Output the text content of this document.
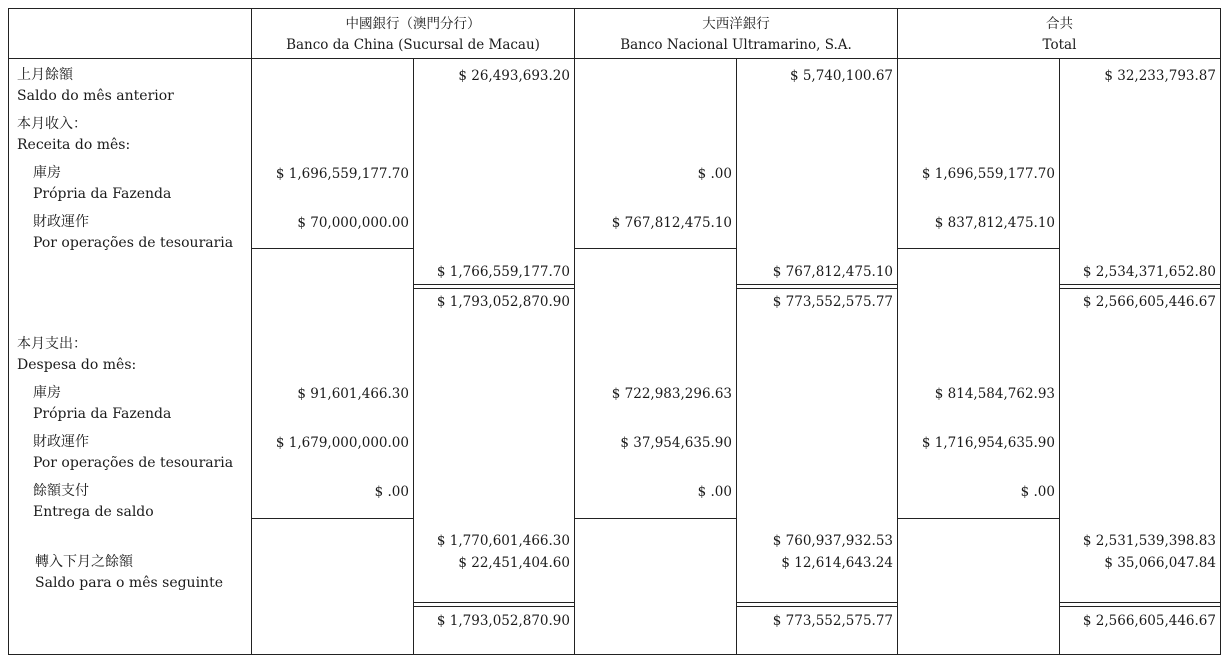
中國銀行（澳門分行）
Banco da China (Sucursal de Macau)
大西洋銀行
Banco Nacional Ultramarino, S.A.
合共
Total
上月餘額
Saldo do mês anterior
本月收入：
Receita do mês:
庫房
Própria da Fazenda
財政運作
Por operações de tesouraria
本月支出：
Despesa do mês:
庫房
Própria da Fazenda
財政運作
Por operações de tesouraria
餘額支付
Entrega de saldo
轉入下月之餘額
Saldo para o mês seguinte
$ 26,493,693.20
$ 1,696,559,177.70
$ 70,000,000.00
$ 1,766,559,177.70
$ 1,793,052,870.90
$ 91,601,466.30
$ 1,679,000,000.00
$ .00
$ 1,770,601,466.30
$ 22,451,404.60
$ 1,793,052,870.90
$ 5,740,100.67
$ .00
$ 767,812,475.10
$ 767,812,475.10
$ 773,552,575.77
$ 722,983,296.63
$ 37,954,635.90
$ .00
$ 760,937,932.53
$ 12,614,643.24
$ 773,552,575.77
$ 32,233,793.87
$ 1,696,559,177.70
$ 837,812,475.10
$ 2,534,371,652.80
$ 2,566,605,446.67
$ 814,584,762.93
$ 1,716,954,635.90
$ .00
$ 2,531,539,398.83
$ 35,066,047.84
$ 2,566,605,446.67
